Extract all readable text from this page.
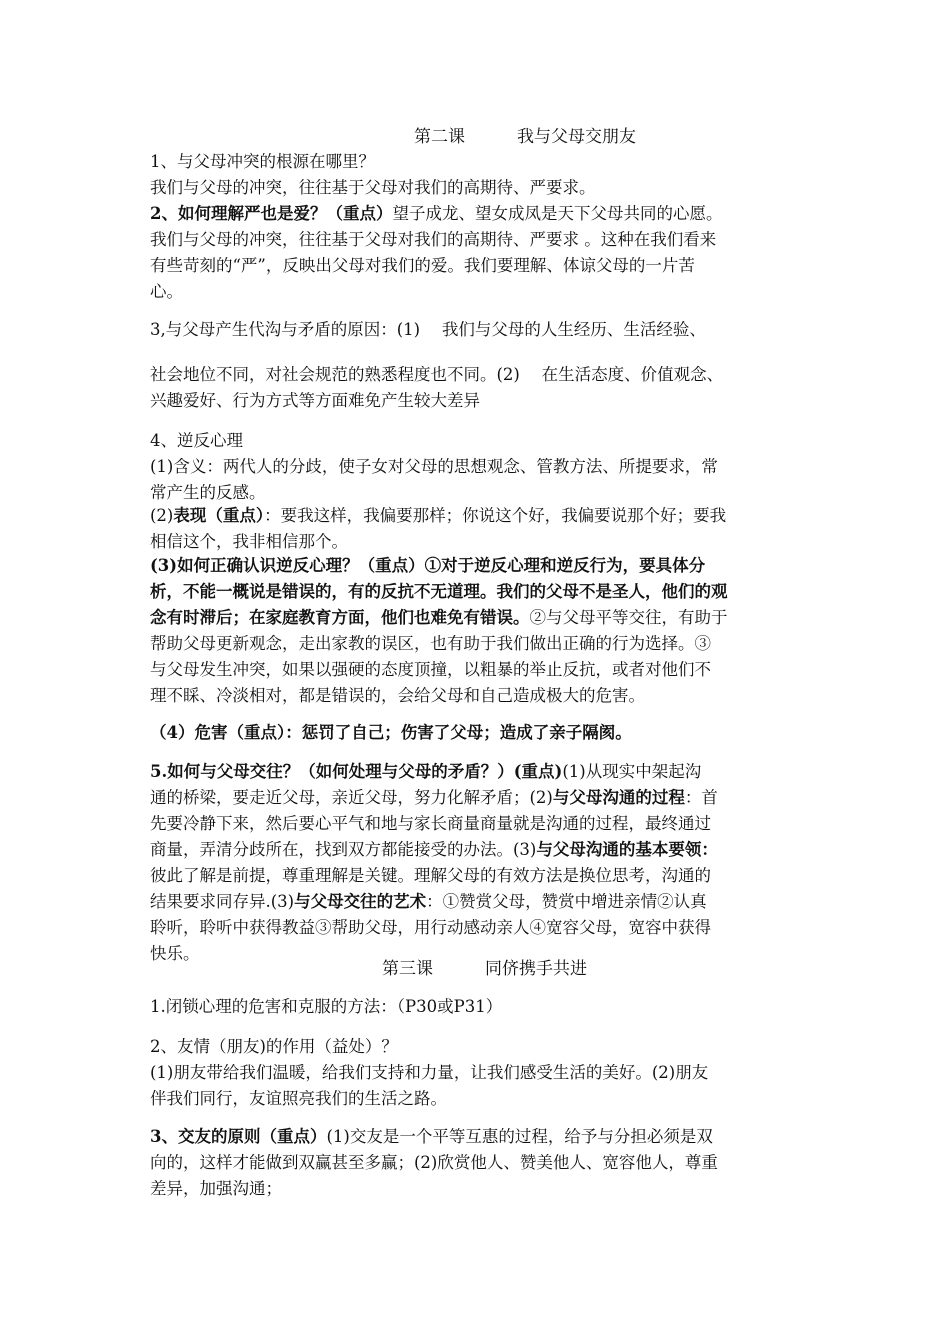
第二课	我与父母交朋友
1、与父母冲突的根源在哪里？
我们与父母的冲突，往往基于父母对我们的高期待、严要求。
2、如何理解严也是爱？（重点）望子成龙、望女成凤是天下父母共同的心愿。
我们与父母的冲突，往往基于父母对我们的高期待、严要求 。这种在我们看来
有些苛刻的“严”，反映出父母对我们的爱。我们要理解、体谅父母的一片苦
心。
3,与父母产生代沟与矛盾的原因：(1)　 我们与父母的人生经历、生活经验、
社会地位不同，对社会规范的熟悉程度也不同。(2)　 在生活态度、价值观念、
兴趣爱好、行为方式等方面难免产生较大差异
4、逆反心理
(1)含义：两代人的分歧，使子女对父母的思想观念、管教方法、所提要求，常
常产生的反感。
(2)表现（重点）：要我这样，我偏要那样；你说这个好，我偏要说那个好；要我
相信这个，我非相信那个。
(3)如何正确认识逆反心理？（重点）①对于逆反心理和逆反行为，要具体分
析，不能一概说是错误的，有的反抗不无道理。我们的父母不是圣人，他们的观
念有时滞后；在家庭教育方面，他们也难免有错误。②与父母平等交往，有助于
帮助父母更新观念，走出家教的误区，也有助于我们做出正确的行为选择。③
与父母发生冲突，如果以强硬的态度顶撞，以粗暴的举止反抗，或者对他们不
理不睬、冷淡相对，都是错误的，会给父母和自己造成极大的危害。
（4）危害（重点）：惩罚了自己；伤害了父母；造成了亲子隔阂。
5.如何与父母交往？（如何处理与父母的矛盾？）(重点)(1)从现实中架起沟
通的桥梁，要走近父母，亲近父母，努力化解矛盾；(2)与父母沟通的过程：首
先要冷静下来，然后要心平气和地与家长商量商量就是沟通的过程，最终通过
商量，弄清分歧所在，找到双方都能接受的办法。(3)与父母沟通的基本要领：
彼此了解是前提，尊重理解是关键。理解父母的有效方法是换位思考，沟通的
结果要求同存异.(3)与父母交往的艺术：①赞赏父母，赞赏中增进亲情②认真
聆听，聆听中获得教益③帮助父母，用行动感动亲人④宽容父母，宽容中获得
快乐。
第三课	同侪携手共进
1.闭锁心理的危害和克服的方法：（P30或P31）
2、友情（朋友)的作用（益处）？
(1)朋友带给我们温暖，给我们支持和力量，让我们感受生活的美好。(2)朋友
伴我们同行，友谊照亮我们的生活之路。
3、交友的原则（重点）(1)交友是一个平等互惠的过程，给予与分担必须是双
向的，这样才能做到双赢甚至多赢；(2)欣赏他人、赞美他人、宽容他人，尊重
差异，加强沟通；
